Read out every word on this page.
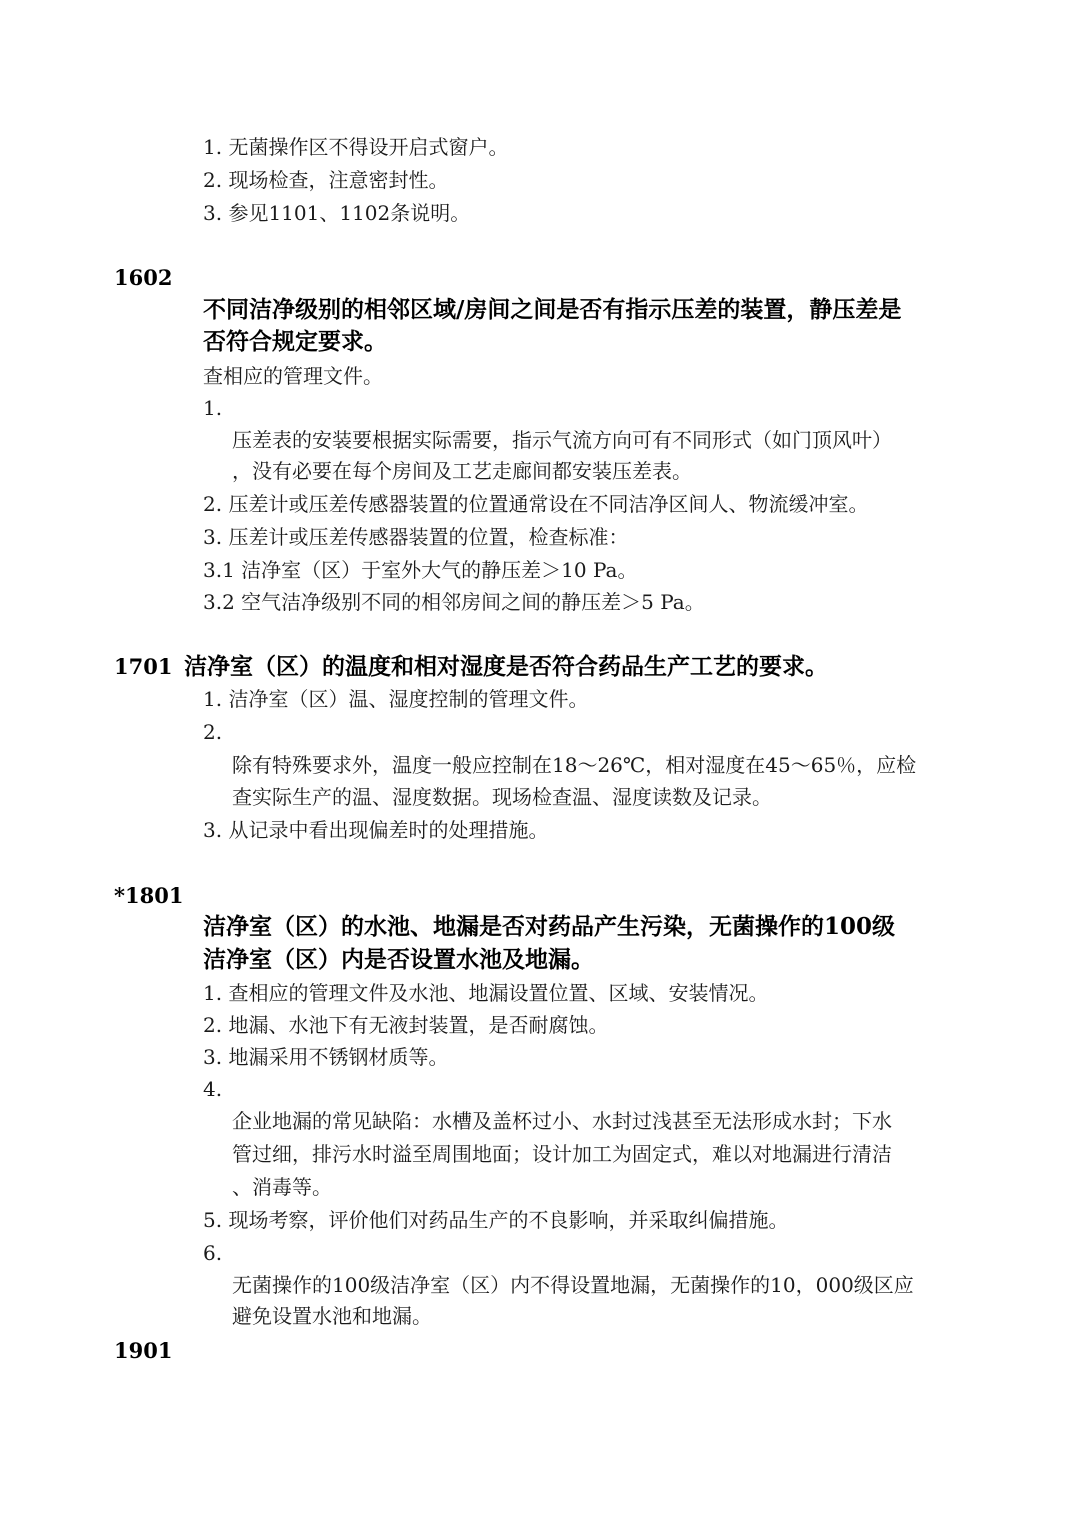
1. 无菌操作区不得设开启式窗户。
2. 现场检查，注意密封性。
3. 参见1101、1102条说明。
1602
不同洁净级别的相邻区域/房间之间是否有指示压差的装置，静压差是
否符合规定要求。
查相应的管理文件。
1.
压差表的安装要根据实际需要，指示气流方向可有不同形式（如门顶风叶）
，没有必要在每个房间及工艺走廊间都安装压差表。
2. 压差计或压差传感器装置的位置通常设在不同洁净区间人、物流缓冲室。
3. 压差计或压差传感器装置的位置，检查标准：
3.1 洁净室（区）于室外大气的静压差＞10 Pa。
3.2 空气洁净级别不同的相邻房间之间的静压差＞5 Pa。
1701 洁净室（区）的温度和相对湿度是否符合药品生产工艺的要求。
1. 洁净室（区）温、湿度控制的管理文件。
2.
除有特殊要求外，温度一般应控制在18～26℃，相对湿度在45～65％，应检
查实际生产的温、湿度数据。现场检查温、湿度读数及记录。
3. 从记录中看出现偏差时的处理措施。
*1801
洁净室（区）的水池、地漏是否对药品产生污染，无菌操作的100级
洁净室（区）内是否设置水池及地漏。
1. 查相应的管理文件及水池、地漏设置位置、区域、安装情况。
2. 地漏、水池下有无液封装置，是否耐腐蚀。
3. 地漏采用不锈钢材质等。
4.
企业地漏的常见缺陷：水槽及盖杯过小、水封过浅甚至无法形成水封；下水
管过细，排污水时溢至周围地面；设计加工为固定式，难以对地漏进行清洁
、消毒等。
5. 现场考察，评价他们对药品生产的不良影响，并采取纠偏措施。
6.
无菌操作的100级洁净室（区）内不得设置地漏，无菌操作的10，000级区应
避免设置水池和地漏。
1901
